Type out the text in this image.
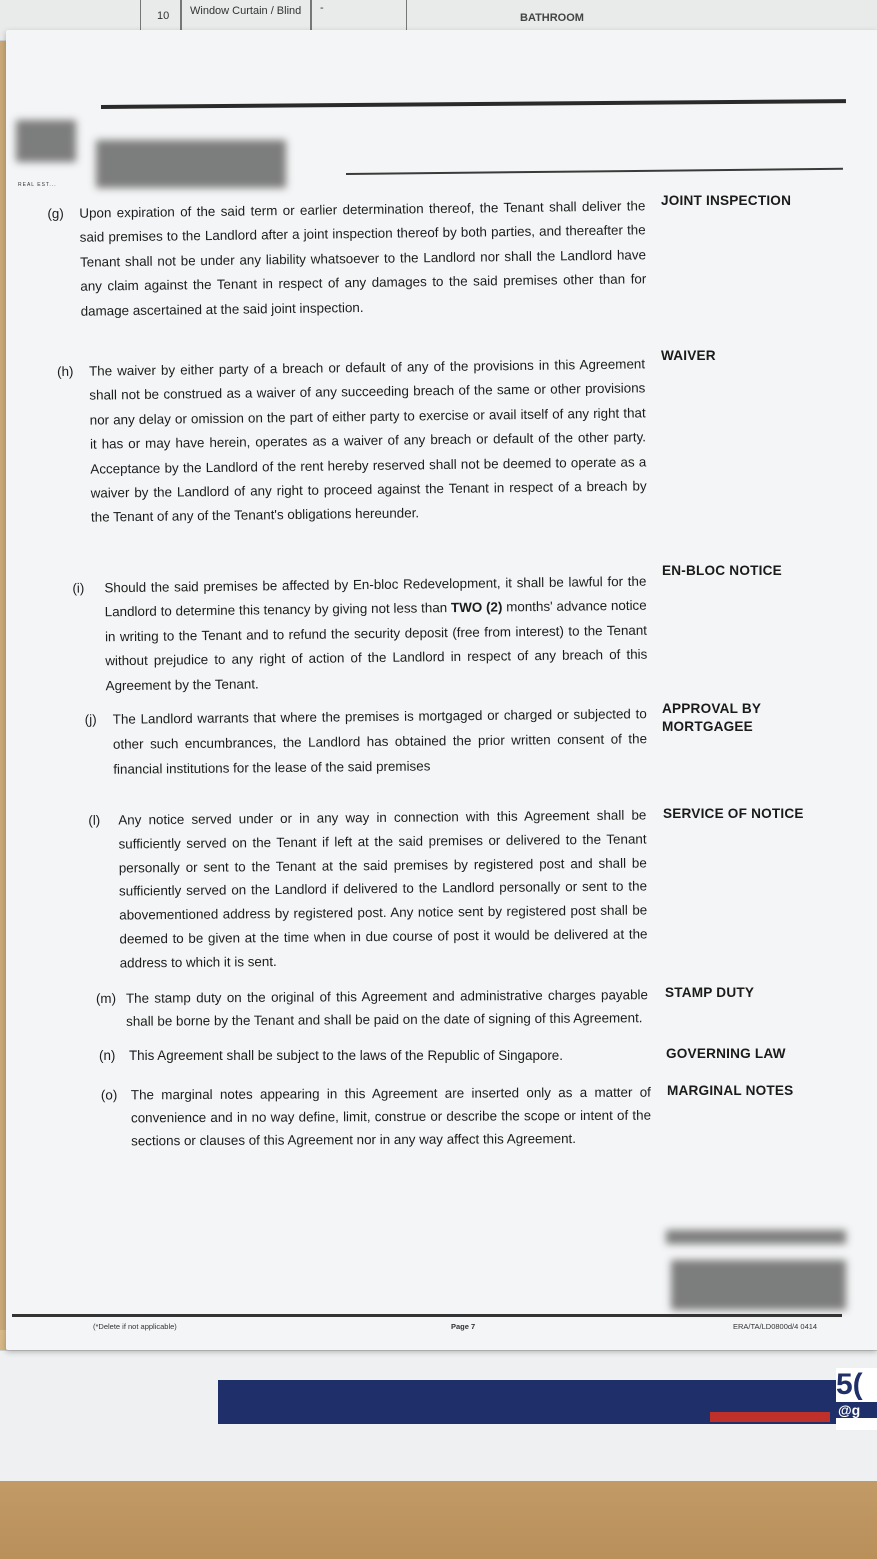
10 Window Curtain / Blind -
BATHROOM
5(
@g
REAL EST...
(g) Upon expiration of the said term or earlier determination thereof, the Tenant shall deliver the said premises to the Landlord after a joint inspection thereof by both parties, and thereafter the Tenant shall not be under any liability whatsoever to the Landlord nor shall the Landlord have any claim against the Tenant in respect of any damages to the said premises other than for damage ascertained at the said joint inspection.

JOINT INSPECTION
(h) The waiver by either party of a breach or default of any of the provisions in this Agreement shall not be construed as a waiver of any succeeding breach of the same or other provisions nor any delay or omission on the part of either party to exercise or avail itself of any right that it has or may have herein, operates as a waiver of any breach or default of the other party. Acceptance by the Landlord of the rent hereby reserved shall not be deemed to operate as a waiver by the Landlord of any right to proceed against the Tenant in respect of a breach by the Tenant of any of the Tenant's obligations hereunder.

WAIVER
(i) Should the said premises be affected by En-bloc Redevelopment, it shall be lawful for the Landlord to determine this tenancy by giving not less than TWO (2) months' advance notice in writing to the Tenant and to refund the security deposit (free from interest) to the Tenant without prejudice to any right of action of the Landlord in respect of any breach of this Agreement by the Tenant.

EN-BLOC NOTICE
(j) The Landlord warrants that where the premises is mortgaged or charged or subjected to other such encumbrances, the Landlord has obtained the prior written consent of the financial institutions for the lease of the said premises

APPROVAL BY
MORTGAGEE
(l) Any notice served under or in any way in connection with this Agreement shall be sufficiently served on the Tenant if left at the said premises or delivered to the Tenant personally or sent to the Tenant at the said premises by registered post and shall be sufficiently served on the Landlord if delivered to the Landlord personally or sent to the abovementioned address by registered post. Any notice sent by registered post shall be deemed to be given at the time when in due course of post it would be delivered at the address to which it is sent.

SERVICE OF NOTICE
(m) The stamp duty on the original of this Agreement and administrative charges payable shall be borne by the Tenant and shall be paid on the date of signing of this Agreement.

STAMP DUTY
(n) This Agreement shall be subject to the laws of the Republic of Singapore.	GOVERNING LAW
(o) The marginal notes appearing in this Agreement are inserted only as a matter of convenience and in no way define, limit, construe or describe the scope or intent of the sections or clauses of this Agreement nor in any way affect this Agreement.

MARGINAL NOTES
(*Delete if not applicable)	Page 7	ERA/TA/LD0800d/4 0414
